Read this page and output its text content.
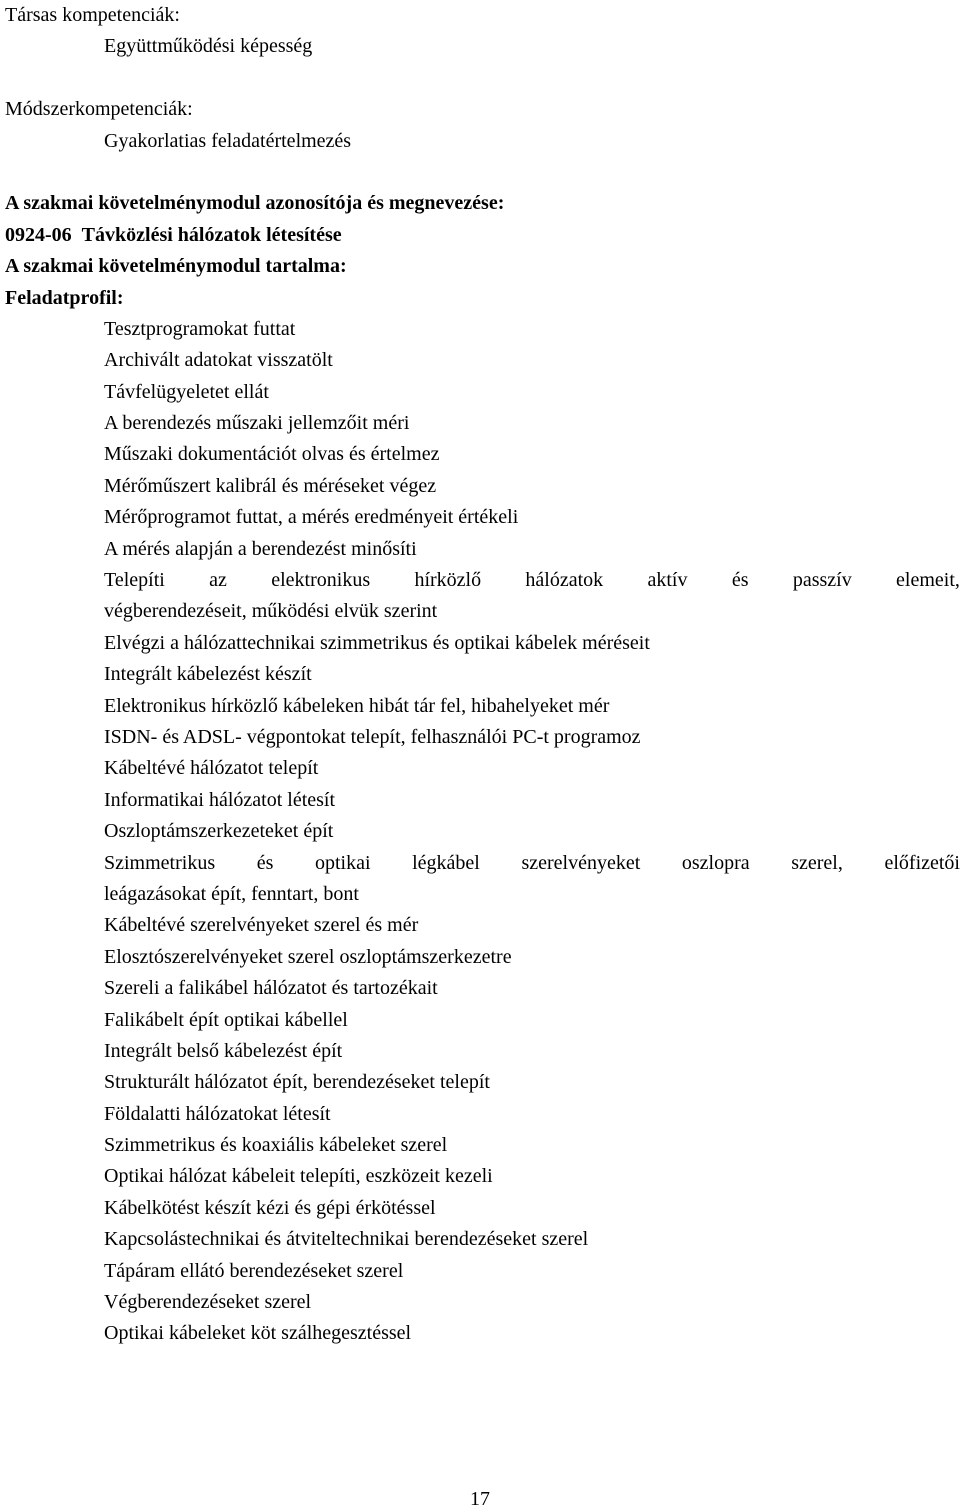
Társas kompetenciák:
Együttműködési képesség
Módszerkompetenciák:
Gyakorlatias feladatértelmezés
A szakmai követelménymodul azonosítója és megnevezése:
0924-06 Távközlési hálózatok létesítése
A szakmai követelménymodul tartalma:
Feladatprofil:
Tesztprogramokat futtat
Archivált adatokat visszatölt
Távfelügyeletet ellát
A berendezés műszaki jellemzőit méri
Műszaki dokumentációt olvas és értelmez
Mérőműszert kalibrál és méréseket végez
Mérőprogramot futtat, a mérés eredményeit értékeli
A mérés alapján a berendezést minősíti
Telepíti az elektronikus hírközlő hálózatok aktív és passzív elemeit,
végberendezéseit, működési elvük szerint
Elvégzi a hálózattechnikai szimmetrikus és optikai kábelek méréseit
Integrált kábelezést készít
Elektronikus hírközlő kábeleken hibát tár fel, hibahelyeket mér
ISDN- és ADSL- végpontokat telepít, felhasználói PC-t programoz
Kábeltévé hálózatot telepít
Informatikai hálózatot létesít
Oszloptámszerkezeteket épít
Szimmetrikus és optikai légkábel szerelvényeket oszlopra szerel, előfizetői
leágazásokat épít, fenntart, bont
Kábeltévé szerelvényeket szerel és mér
Elosztószerelvényeket szerel oszloptámszerkezetre
Szereli a falikábel hálózatot és tartozékait
Falikábelt épít optikai kábellel
Integrált belső kábelezést épít
Strukturált hálózatot épít, berendezéseket telepít
Földalatti hálózatokat létesít
Szimmetrikus és koaxiális kábeleket szerel
Optikai hálózat kábeleit telepíti, eszközeit kezeli
Kábelkötést készít kézi és gépi érkötéssel
Kapcsolástechnikai és átviteltechnikai berendezéseket szerel
Tápáram ellátó berendezéseket szerel
Végberendezéseket szerel
Optikai kábeleket köt szálhegesztéssel
17
